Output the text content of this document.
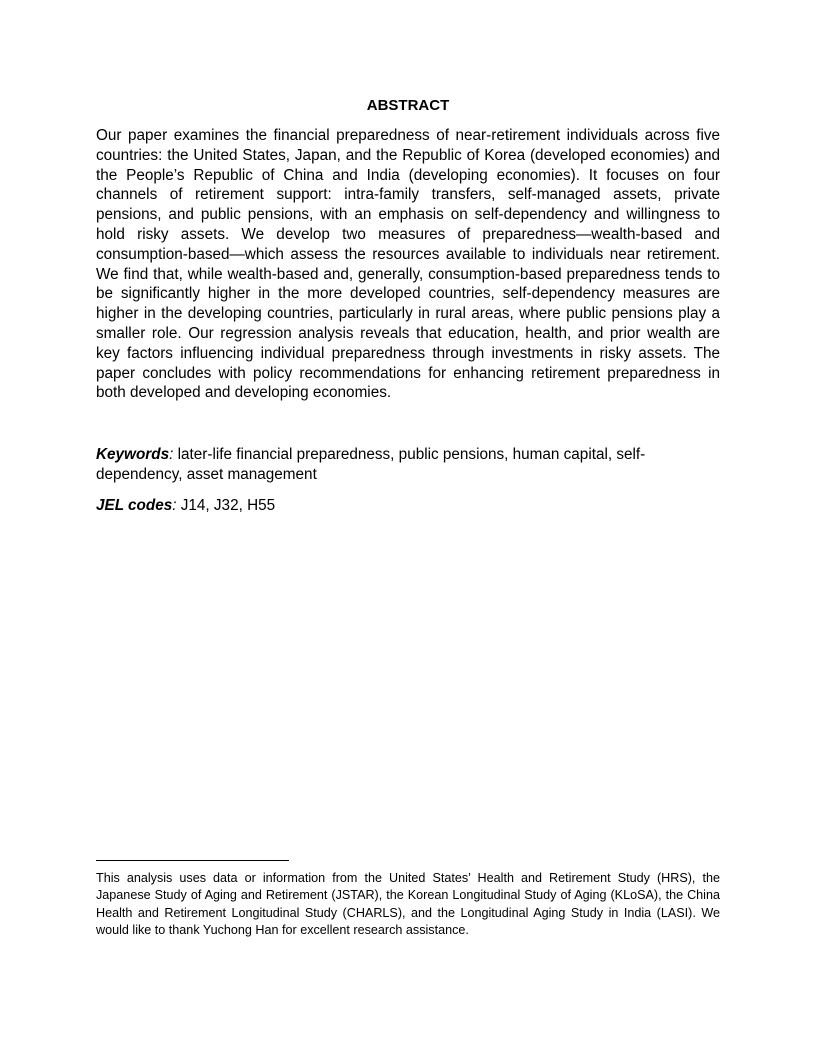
ABSTRACT

Our paper examines the financial preparedness of near-retirement individuals across five countries: the United States, Japan, and the Republic of Korea (developed economies) and the People’s Republic of China and India (developing economies). It focuses on four channels of retirement support: intra-family transfers, self-managed assets, private pensions, and public pensions, with an emphasis on self-dependency and willingness to hold risky assets. We develop two measures of preparedness—wealth-based and consumption-based—which assess the resources available to individuals near retirement. We find that, while wealth-based and, generally, consumption-based preparedness tends to be significantly higher in the more developed countries, self-dependency measures are higher in the developing countries, particularly in rural areas, where public pensions play a smaller role. Our regression analysis reveals that education, health, and prior wealth are key factors influencing individual preparedness through investments in risky assets. The paper concludes with policy recommendations for enhancing retirement preparedness in both developed and developing economies.

Keywords: later-life financial preparedness, public pensions, human capital, self-dependency, asset management

JEL codes: J14, J32, H55

This analysis uses data or information from the United States’ Health and Retirement Study (HRS), the Japanese Study of Aging and Retirement (JSTAR), the Korean Longitudinal Study of Aging (KLoSA), the China Health and Retirement Longitudinal Study (CHARLS), and the Longitudinal Aging Study in India (LASI). We would like to thank Yuchong Han for excellent research assistance.
